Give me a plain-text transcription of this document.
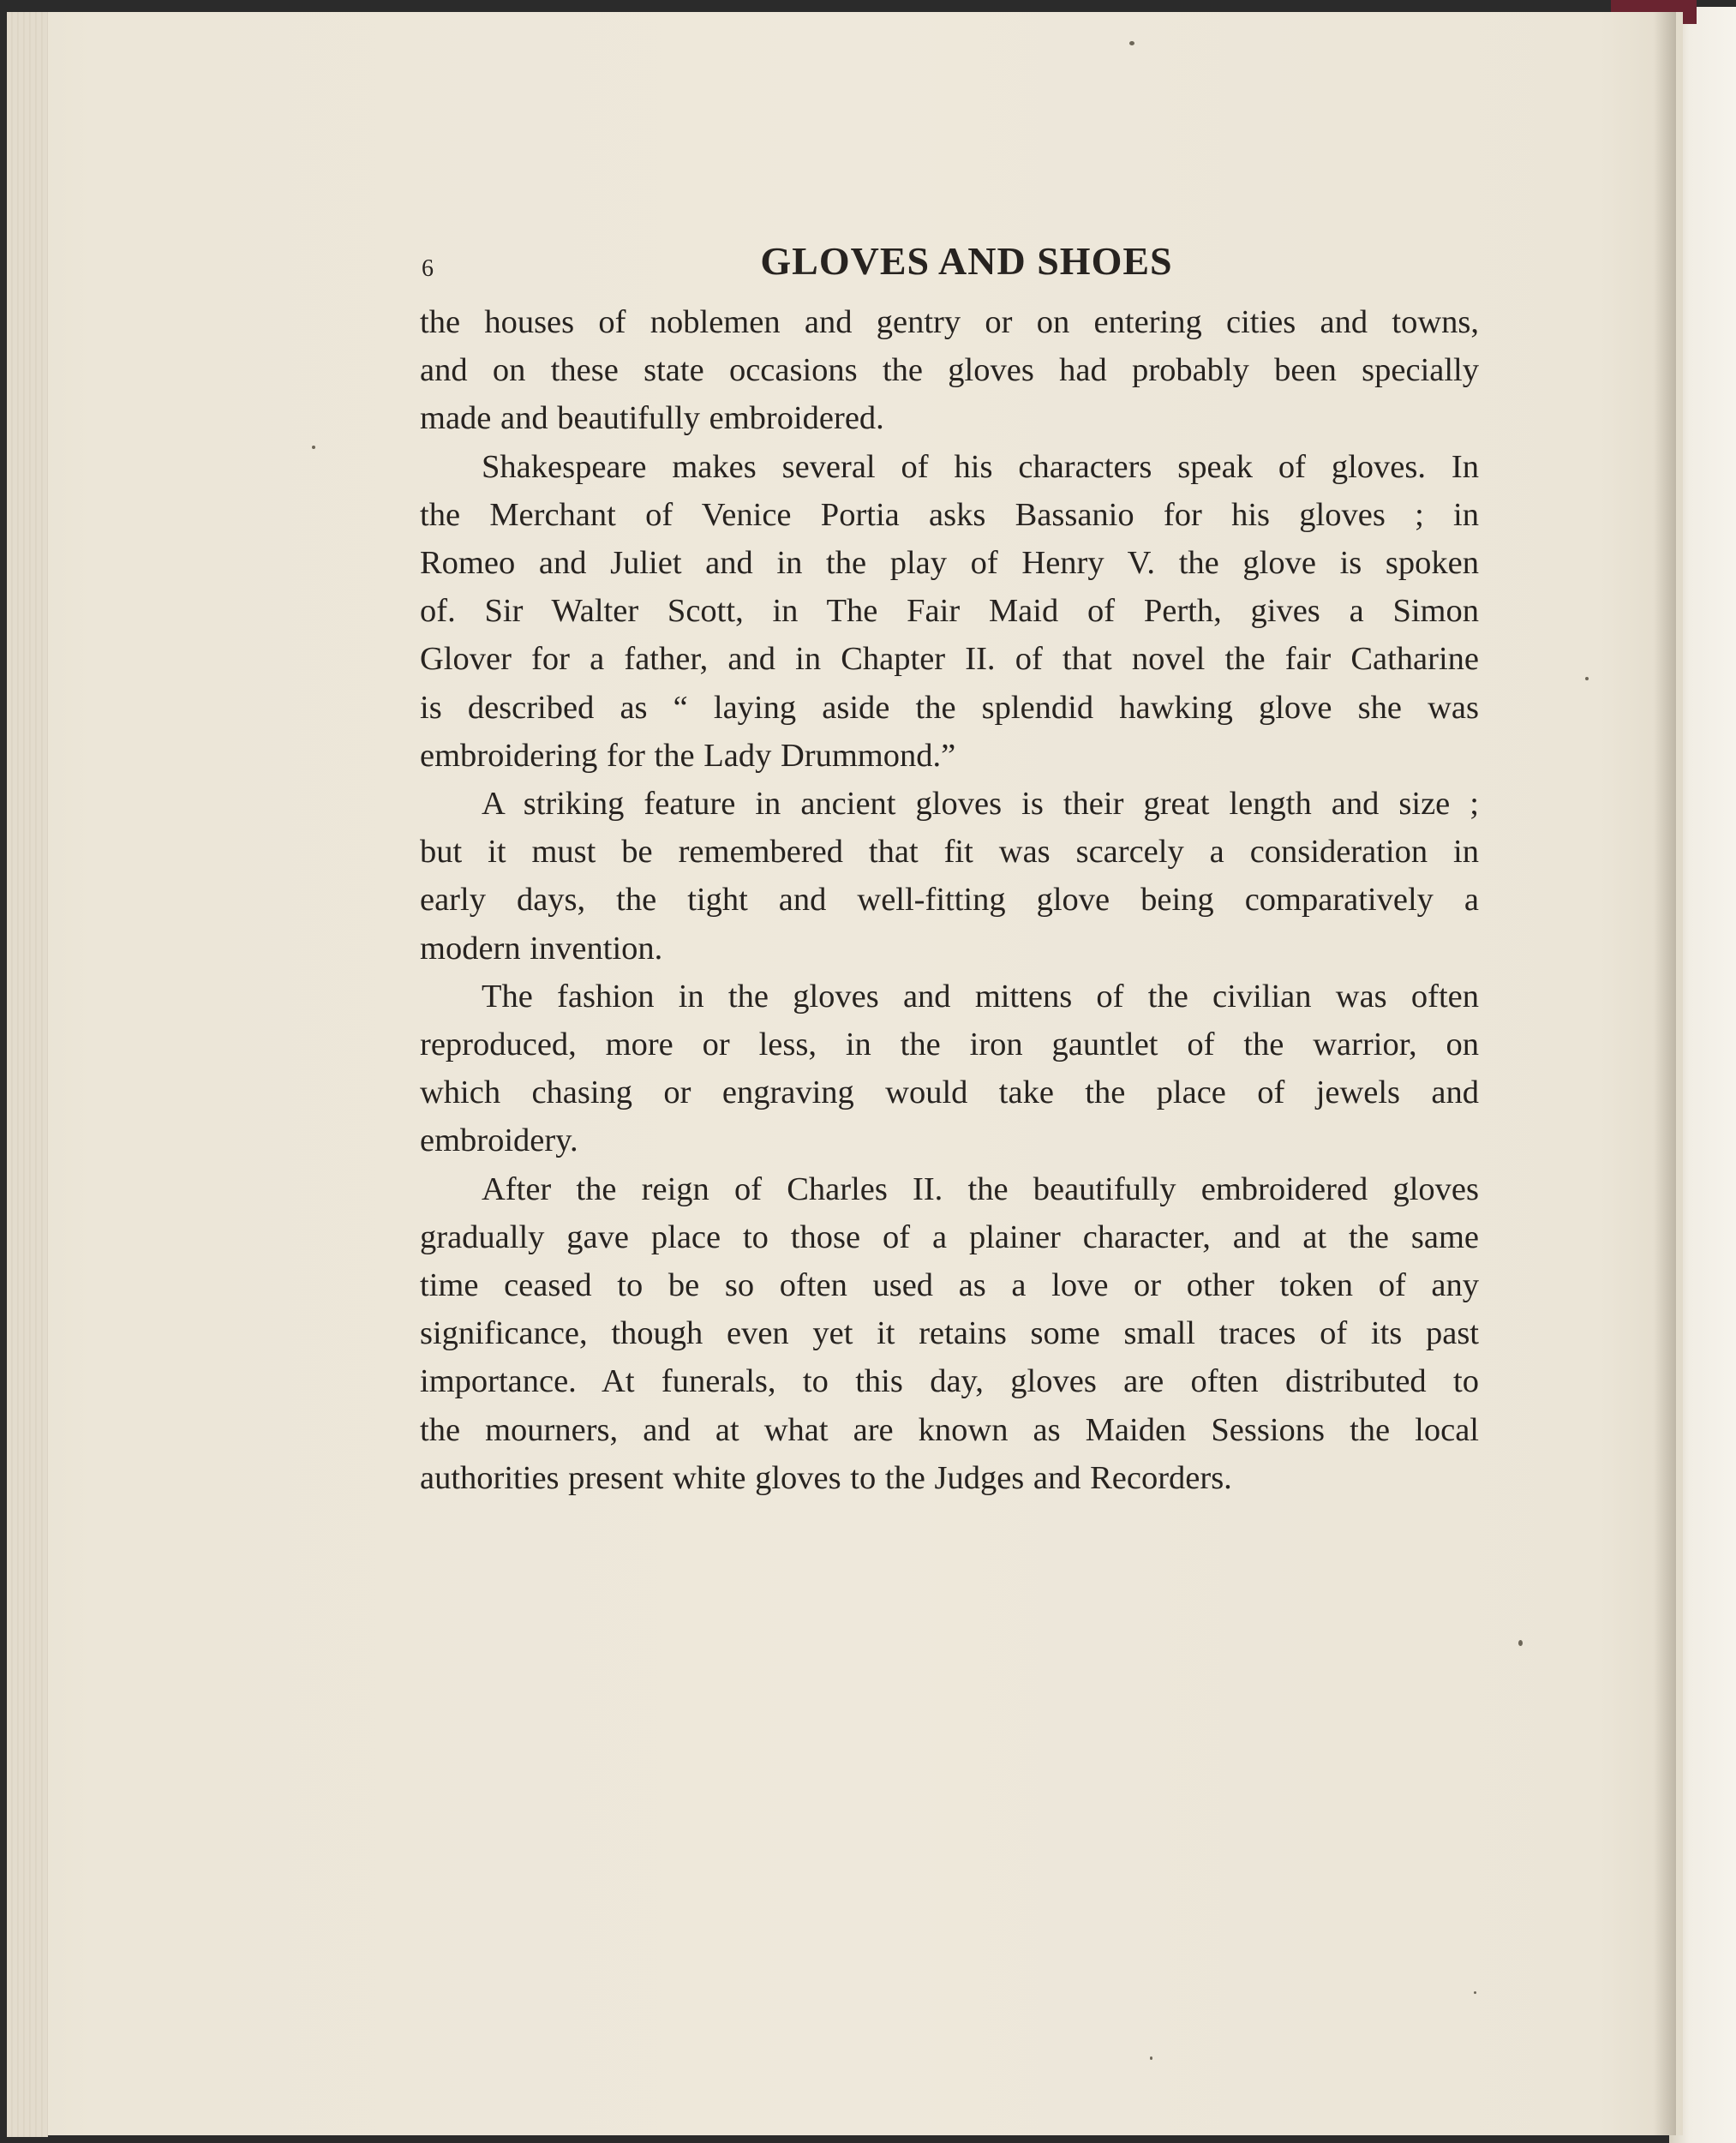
6	GLOVES AND SHOES

the houses of noblemen and gentry or on entering cities and towns,
and on these state occasions the gloves had probably been specially
made and beautifully embroidered.

Shakespeare makes several of his characters speak of gloves. In
the Merchant of Venice Portia asks Bassanio for his gloves ; in
Romeo and Juliet and in the play of Henry V. the glove is spoken
of. Sir Walter Scott, in The Fair Maid of Perth, gives a Simon
Glover for a father, and in Chapter II. of that novel the fair Catharine
is described as “ laying aside the splendid hawking glove she was
embroidering for the Lady Drummond.”

A striking feature in ancient gloves is their great length and size ;
but it must be remembered that fit was scarcely a consideration in
early days, the tight and well-fitting glove being comparatively a
modern invention.

The fashion in the gloves and mittens of the civilian was often
reproduced, more or less, in the iron gauntlet of the warrior, on
which chasing or engraving would take the place of jewels and
embroidery.

After the reign of Charles II. the beautifully embroidered gloves
gradually gave place to those of a plainer character, and at the same
time ceased to be so often used as a love or other token of any
significance, though even yet it retains some small traces of its past
importance. At funerals, to this day, gloves are often distributed to
the mourners, and at what are known as Maiden Sessions the local
authorities present white gloves to the Judges and Recorders.
